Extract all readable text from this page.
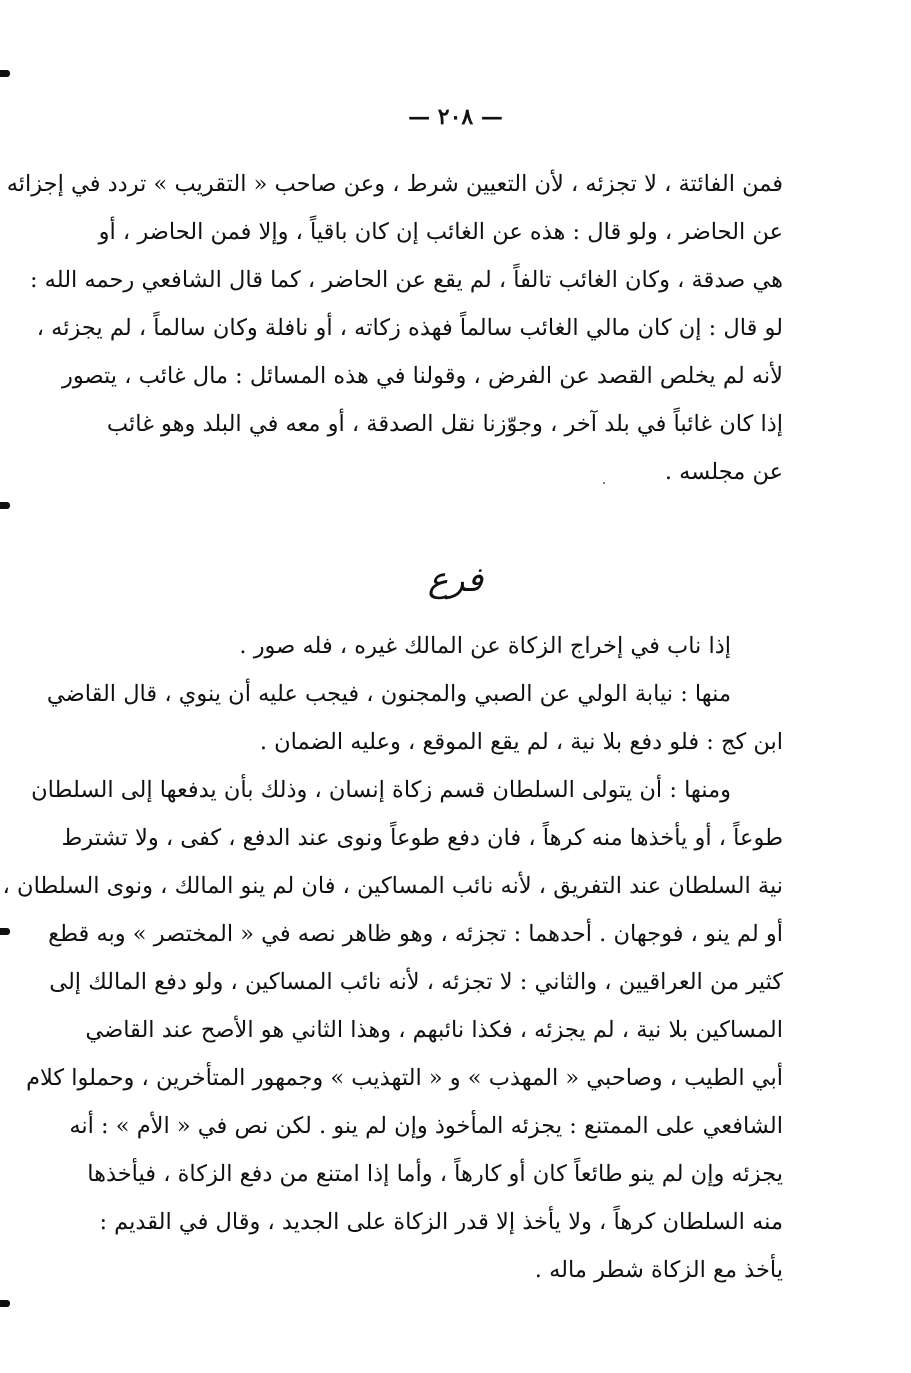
— ٢٠٨ —
فمن الفائتة ، لا تجزئه ، لأن التعيين شرط ، وعن صاحب « التقريب » تردد في إجزائه
عن الحاضر ، ولو قال : هذه عن الغائب إن كان باقياً ، وإلا فمن الحاضر ، أو
هي صدقة ، وكان الغائب تالفاً ، لم يقع عن الحاضر ، كما قال الشافعي رحمه الله :
لو قال : إن كان مالي الغائب سالماً فهذه زكاته ، أو نافلة وكان سالماً ، لم يجزئه ،
لأنه لم يخلص القصد عن الفرض ، وقولنا في هذه المسائل : مال غائب ، يتصور
إذا كان غائباً في بلد آخر ، وجوّزنا نقل الصدقة ، أو معه في البلد وهو غائب
عن مجلسه .
فرع
إذا ناب في إخراج الزكاة عن المالك غيره ، فله صور .
منها : نيابة الولي عن الصبي والمجنون ، فيجب عليه أن ينوي ، قال القاضي
ابن كج : فلو دفع بلا نية ، لم يقع الموقع ، وعليه الضمان .
ومنها : أن يتولى السلطان قسم زكاة إنسان ، وذلك بأن يدفعها إلى السلطان
طوعاً ، أو يأخذها منه كرهاً ، فان دفع طوعاً ونوى عند الدفع ، كفى ، ولا تشترط
نية السلطان عند التفريق ، لأنه نائب المساكين ، فان لم ينو المالك ، ونوى السلطان ،
أو لم ينو ، فوجهان . أحدهما : تجزئه ، وهو ظاهر نصه في « المختصر » وبه قطع
كثير من العراقيين ، والثاني : لا تجزئه ، لأنه نائب المساكين ، ولو دفع المالك إلى
المساكين بلا نية ، لم يجزئه ، فكذا نائبهم ، وهذا الثاني هو الأصح عند القاضي
أبي الطيب ، وصاحبي « المهذب » و « التهذيب » وجمهور المتأخرين ، وحملوا كلام
الشافعي على الممتنع : يجزئه المأخوذ وإن لم ينو . لكن نص في « الأم » : أنه
يجزئه وإن لم ينو طائعاً كان أو كارهاً ، وأما إذا امتنع من دفع الزكاة ، فيأخذها
منه السلطان كرهاً ، ولا يأخذ إلا قدر الزكاة على الجديد ، وقال في القديم :
يأخذ مع الزكاة شطر ماله .
